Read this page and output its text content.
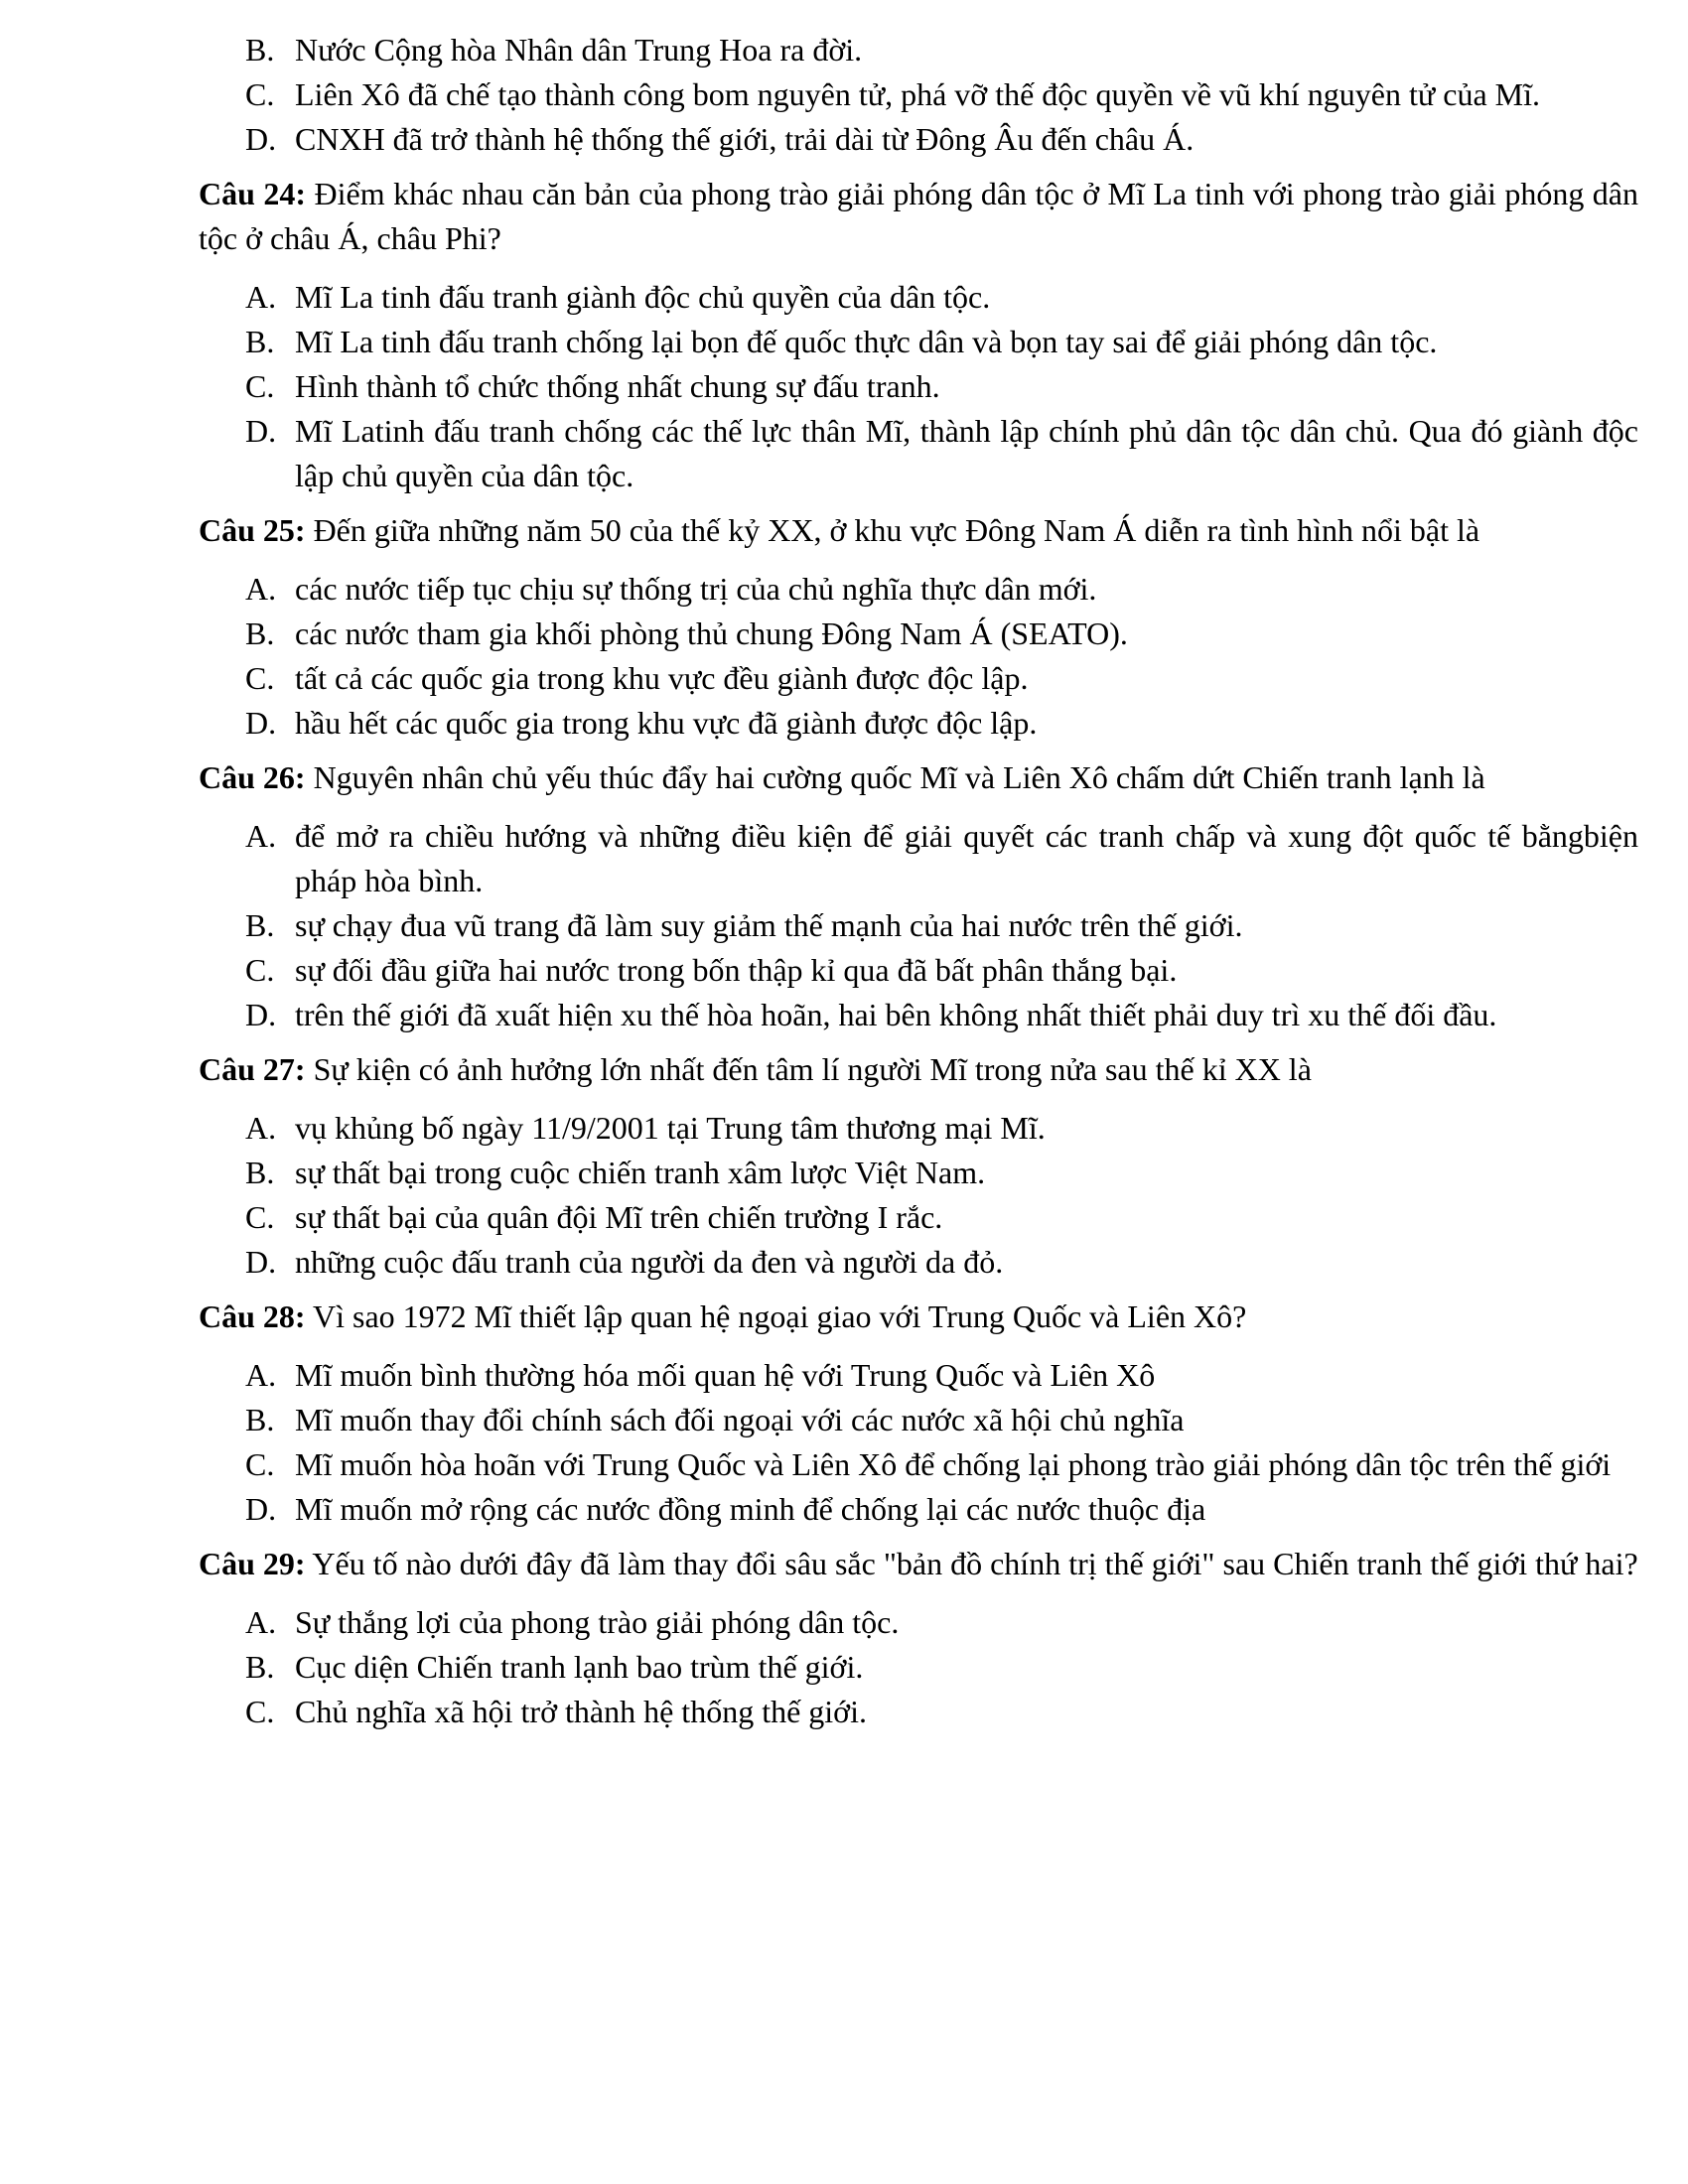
B. Nước Cộng hòa Nhân dân Trung Hoa ra đời.
C. Liên Xô đã chế tạo thành công bom nguyên tử, phá vỡ thế độc quyền về vũ khí nguyên tử của Mĩ.
D. CNXH đã trở thành hệ thống thế giới, trải dài từ Đông Âu đến châu Á.
Câu 24: Điểm khác nhau căn bản của phong trào giải phóng dân tộc ở Mĩ La tinh với phong trào giải phóng dân tộc ở châu Á, châu Phi?
A. Mĩ La tinh đấu tranh giành độc chủ quyền của dân tộc.
B. Mĩ La tinh đấu tranh chống lại bọn đế quốc thực dân và bọn tay sai để giải phóng dân tộc.
C. Hình thành tổ chức thống nhất chung sự đấu tranh.
D. Mĩ Latinh đấu tranh chống các thế lực thân Mĩ, thành lập chính phủ dân tộc dân chủ. Qua đó giành độc lập chủ quyền của dân tộc.
Câu 25: Đến giữa những năm 50 của thế kỷ XX, ở khu vực Đông Nam Á diễn ra tình hình nổi bật là
A. các nước tiếp tục chịu sự thống trị của chủ nghĩa thực dân mới.
B. các nước tham gia khối phòng thủ chung Đông Nam Á (SEATO).
C. tất cả các quốc gia trong khu vực đều giành được độc lập.
D. hầu hết các quốc gia trong khu vực đã giành được độc lập.
Câu 26: Nguyên nhân chủ yếu thúc đẩy hai cường quốc Mĩ và Liên Xô chấm dứt Chiến tranh lạnh là
A. để mở ra chiều hướng và những điều kiện để giải quyết các tranh chấp và xung đột quốc tế bằngbiện pháp hòa bình.
B. sự chạy đua vũ trang đã làm suy giảm thế mạnh của hai nước trên thế giới.
C. sự đối đầu giữa hai nước trong bốn thập kỉ qua đã bất phân thắng bại.
D. trên thế giới đã xuất hiện xu thế hòa hoãn, hai bên không nhất thiết phải duy trì xu thế đối đầu.
Câu 27: Sự kiện có ảnh hưởng lớn nhất đến tâm lí người Mĩ trong nửa sau thế kỉ XX là
A. vụ khủng bố ngày 11/9/2001 tại Trung tâm thương mại Mĩ.
B. sự thất bại trong cuộc chiến tranh xâm lược Việt Nam.
C. sự thất bại của quân đội Mĩ trên chiến trường I rắc.
D. những cuộc đấu tranh của người da đen và người da đỏ.
Câu 28: Vì sao 1972 Mĩ thiết lập quan hệ ngoại giao với Trung Quốc và Liên Xô?
A. Mĩ muốn bình thường hóa mối quan hệ với Trung Quốc và Liên Xô
B. Mĩ muốn thay đổi chính sách đối ngoại với các nước xã hội chủ nghĩa
C. Mĩ muốn hòa hoãn với Trung Quốc và Liên Xô để chống lại phong trào giải phóng dân tộc trên thế giới
D. Mĩ muốn mở rộng các nước đồng minh để chống lại các nước thuộc địa
Câu 29: Yếu tố nào dưới đây đã làm thay đổi sâu sắc "bản đồ chính trị thế giới" sau Chiến tranh thế giới thứ hai?
A. Sự thắng lợi của phong trào giải phóng dân tộc.
B. Cục diện Chiến tranh lạnh bao trùm thế giới.
C. Chủ nghĩa xã hội trở thành hệ thống thế giới.
